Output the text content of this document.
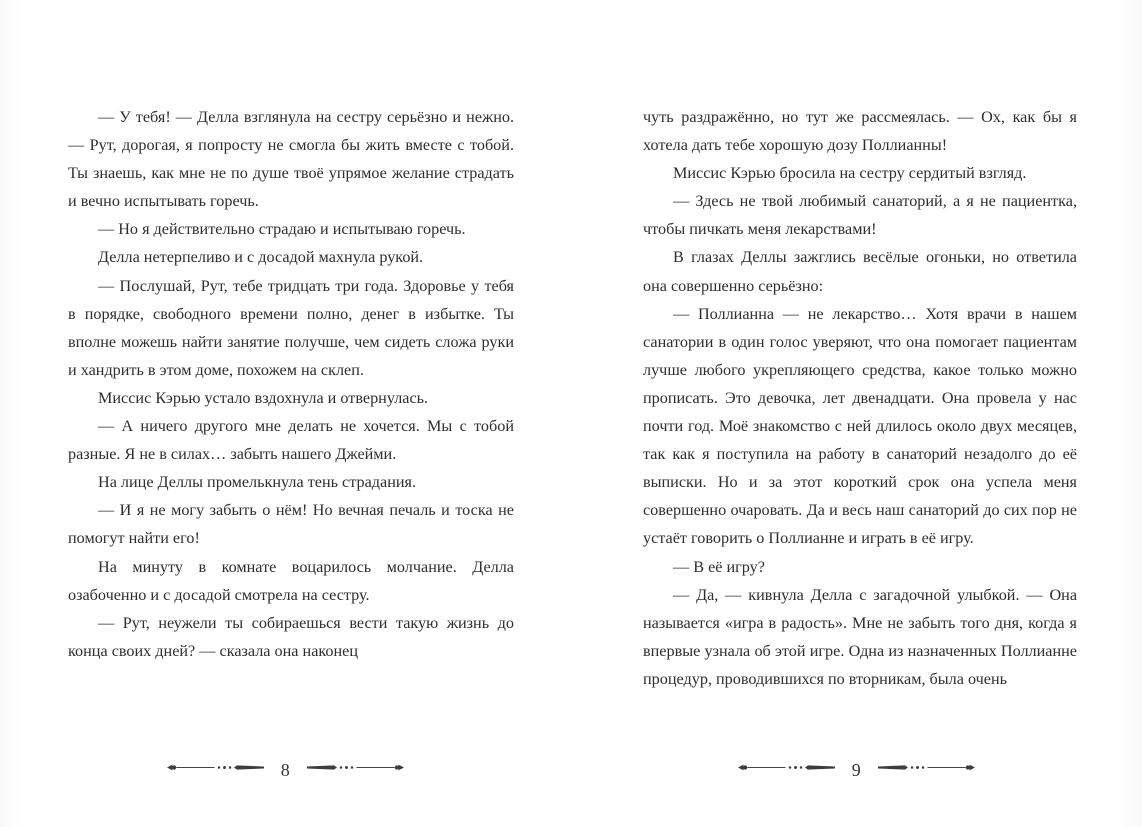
— У тебя! — Делла взглянула на сестру серьёзно и нежно. — Рут, дорогая, я попросту не смогла бы жить вместе с тобой. Ты знаешь, как мне не по душе твоё упрямое желание страдать и вечно испытывать горечь.

— Но я действительно страдаю и испытываю горечь.

Делла нетерпеливо и с досадой махнула рукой.

— Послушай, Рут, тебе тридцать три года. Здоровье у тебя в порядке, свободного времени полно, денег в избытке. Ты вполне можешь найти занятие получше, чем сидеть сложа руки и хандрить в этом доме, похожем на склеп.

Миссис Кэрью устало вздохнула и отвернулась.

— А ничего другого мне делать не хочется. Мы с тобой разные. Я не в силах… забыть нашего Джейми.

На лице Деллы промелькнула тень страдания.

— И я не могу забыть о нём! Но вечная печаль и тоска не помогут найти его!

На минуту в комнате воцарилось молчание. Делла озабоченно и с досадой смотрела на сестру.

— Рут, неужели ты собираешься вести такую жизнь до конца своих дней? — сказала она наконец

8

чуть раздражённо, но тут же рассмеялась. — Ох, как бы я хотела дать тебе хорошую дозу Поллианны!

Миссис Кэрью бросила на сестру сердитый взгляд.

— Здесь не твой любимый санаторий, а я не пациентка, чтобы пичкать меня лекарствами!

В глазах Деллы зажглись весёлые огоньки, но ответила она совершенно серьёзно:

— Поллианна — не лекарство… Хотя врачи в нашем санатории в один голос уверяют, что она помогает пациентам лучше любого укрепляющего средства, какое только можно прописать. Это девочка, лет двенадцати. Она провела у нас почти год. Моё знакомство с ней длилось около двух месяцев, так как я поступила на работу в санаторий незадолго до её выписки. Но и за этот короткий срок она успела меня совершенно очаровать. Да и весь наш санаторий до сих пор не устаёт говорить о Поллианне и играть в её игру.

— В её игру?

— Да, — кивнула Делла с загадочной улыбкой. — Она называется «игра в радость». Мне не забыть того дня, когда я впервые узнала об этой игре. Одна из назначенных Поллианне процедур, проводившихся по вторникам, была очень

9
